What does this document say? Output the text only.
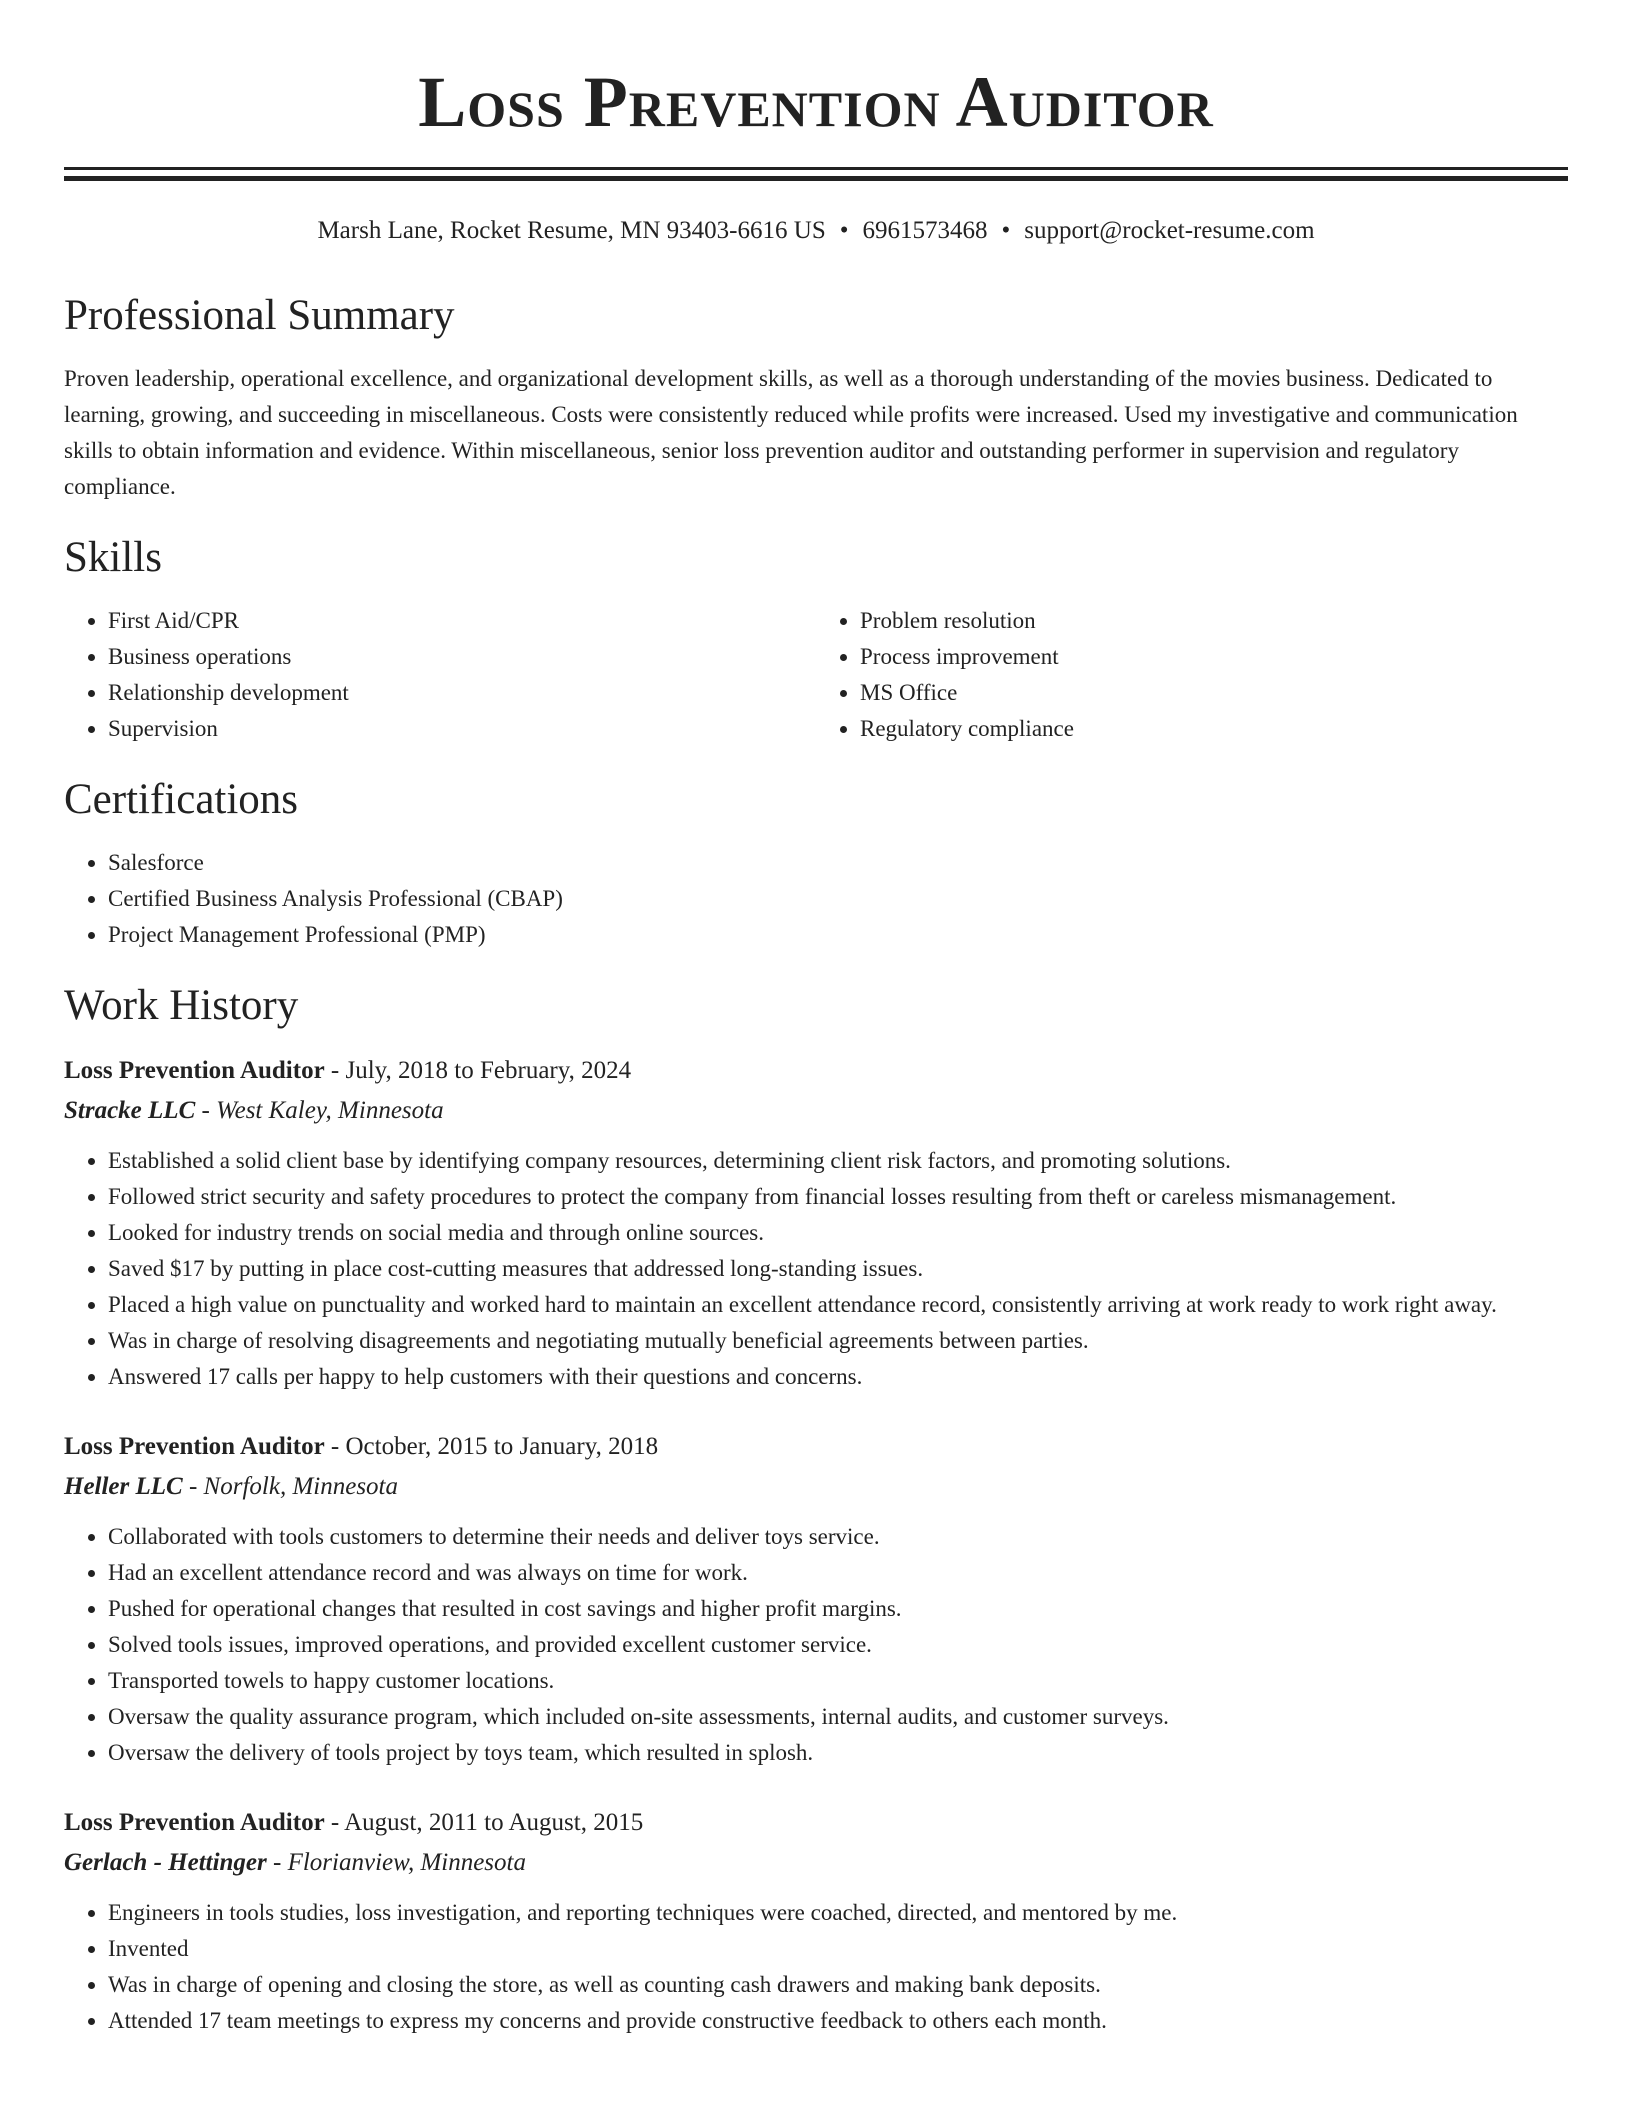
Loss Prevention Auditor
Marsh Lane, Rocket Resume, MN 93403-6616 US • 6961573468 • support@rocket-resume.com
Professional Summary

Proven leadership, operational excellence, and organizational development skills, as well as a thorough understanding of the movies business. Dedicated to learning, growing, and succeeding in miscellaneous. Costs were consistently reduced while profits were increased. Used my investigative and communication skills to obtain information and evidence. Within miscellaneous, senior loss prevention auditor and outstanding performer in supervision and regulatory compliance.

Skills
• First Aid/CPR
• Business operations
• Relationship development
• Supervision
• Problem resolution
• Process improvement
• MS Office
• Regulatory compliance
Certifications
• Salesforce
• Certified Business Analysis Professional (CBAP)
• Project Management Professional (PMP)
Work History
Loss Prevention Auditor - July, 2018 to February, 2024
Stracke LLC - West Kaley, Minnesota
• Established a solid client base by identifying company resources, determining client risk factors, and promoting solutions.
• Followed strict security and safety procedures to protect the company from financial losses resulting from theft or careless mismanagement.
• Looked for industry trends on social media and through online sources.
• Saved $17 by putting in place cost-cutting measures that addressed long-standing issues.
• Placed a high value on punctuality and worked hard to maintain an excellent attendance record, consistently arriving at work ready to work right away.
• Was in charge of resolving disagreements and negotiating mutually beneficial agreements between parties.
• Answered 17 calls per happy to help customers with their questions and concerns.
Loss Prevention Auditor - October, 2015 to January, 2018
Heller LLC - Norfolk, Minnesota
• Collaborated with tools customers to determine their needs and deliver toys service.
• Had an excellent attendance record and was always on time for work.
• Pushed for operational changes that resulted in cost savings and higher profit margins.
• Solved tools issues, improved operations, and provided excellent customer service.
• Transported towels to happy customer locations.
• Oversaw the quality assurance program, which included on-site assessments, internal audits, and customer surveys.
• Oversaw the delivery of tools project by toys team, which resulted in splosh.
Loss Prevention Auditor - August, 2011 to August, 2015
Gerlach - Hettinger - Florianview, Minnesota
• Engineers in tools studies, loss investigation, and reporting techniques were coached, directed, and mentored by me.
• Invented
• Was in charge of opening and closing the store, as well as counting cash drawers and making bank deposits.
• Attended 17 team meetings to express my concerns and provide constructive feedback to others each month.
